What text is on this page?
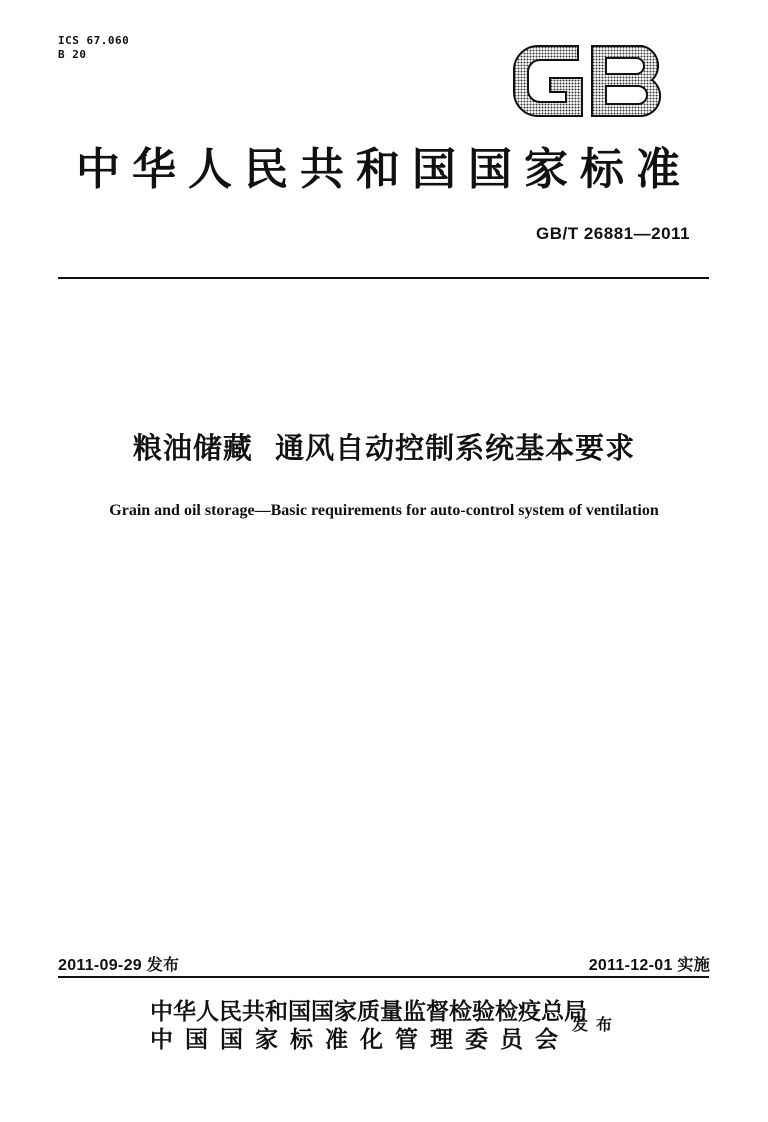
ICS 67.060
B 20
中华人民共和国国家标准
GB/T 26881—2011
粮油储藏  通风自动控制系统基本要求
Grain and oil storage—Basic requirements for auto-control system of ventilation
2011-09-29 发布	2011-12-01 实施
中华人民共和国国家质量监督检验检疫总局
中国国家标准化管理委员会
发布
